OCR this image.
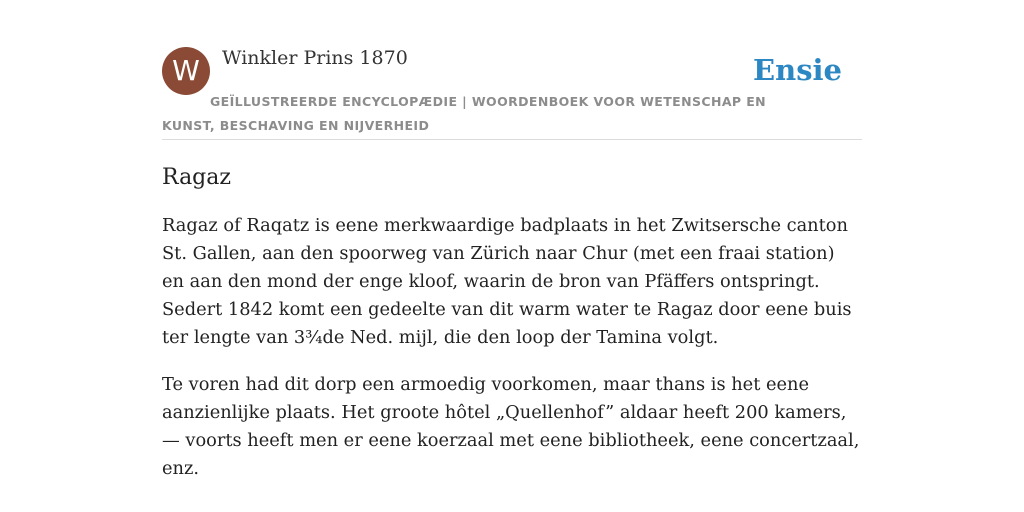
W	Winkler Prins 1870
GEÏLLUSTREERDE ENCYCLOPÆDIE | WOORDENBOEK VOOR WETENSCHAP EN KUNST, BESCHAVING EN NIJVERHEID
Ensie
Ragaz

Ragaz of Raqatz is eene merkwaardige badplaats in het Zwitsersche canton St. Gallen, aan den spoorweg van Zürich naar Chur (met een fraai station) en aan den mond der enge kloof, waarin de bron van Pfäffers ontspringt. Sedert 1842 komt een gedeelte van dit warm water te Ragaz door eene buis ter lengte van 3¾de Ned. mijl, die den loop der Tamina volgt.

Te voren had dit dorp een armoedig voorkomen, maar thans is het eene aanzienlijke plaats. Het groote hôtel „Quellenhof” aldaar heeft 200 kamers, — voorts heeft men er eene koerzaal met eene bibliotheek, eene concertzaal, enz.
